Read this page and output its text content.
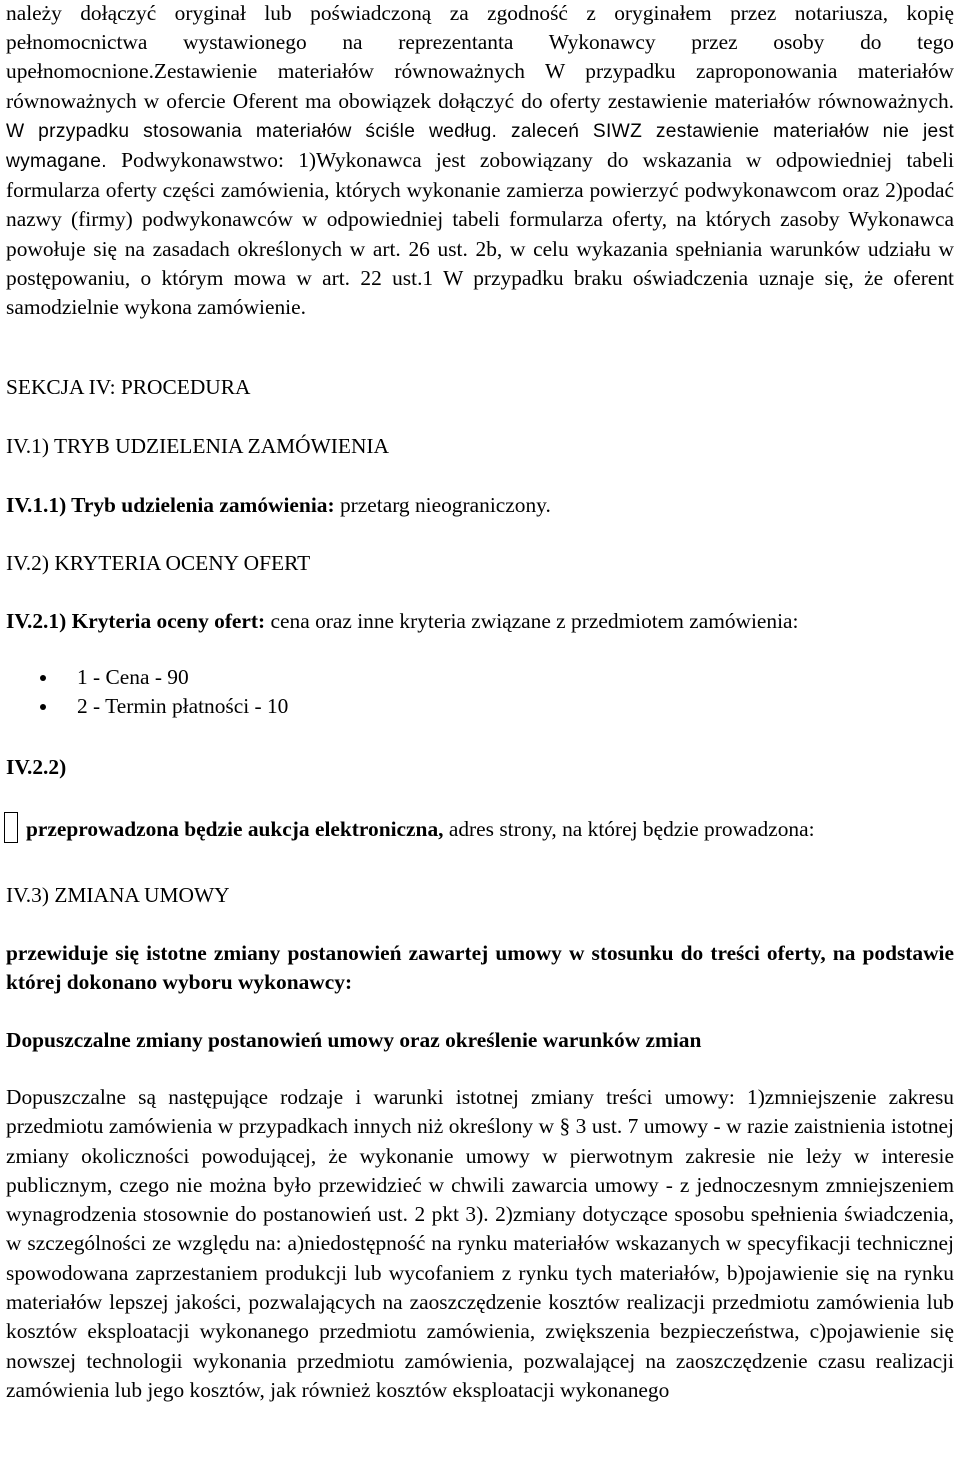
należy dołączyć oryginał lub poświadczoną za zgodność z oryginałem przez notariusza, kopię pełnomocnictwa wystawionego na reprezentanta Wykonawcy przez osoby do tego upełnomocnione.Zestawienie materiałów równoważnych W przypadku zaproponowania materiałów równoważnych w ofercie Oferent ma obowiązek dołączyć do oferty zestawienie materiałów równoważnych. W przypadku stosowania materiałów ściśle według. zaleceń SIWZ zestawienie materiałów nie jest wymagane. Podwykonawstwo: 1)Wykonawca jest zobowiązany do wskazania w odpowiedniej tabeli formularza oferty części zamówienia, których wykonanie zamierza powierzyć podwykonawcom oraz 2)podać nazwy (firmy) podwykonawców w odpowiedniej tabeli formularza oferty, na których zasoby Wykonawca powołuje się na zasadach określonych w art. 26 ust. 2b, w celu wykazania spełniania warunków udziału w postępowaniu, o którym mowa w art. 22 ust.1 W przypadku braku oświadczenia uznaje się, że oferent samodzielnie wykona zamówienie.

SEKCJA IV: PROCEDURA
IV.1) TRYB UDZIELENIA ZAMÓWIENIA
IV.1.1) Tryb udzielenia zamówienia: przetarg nieograniczony.
IV.2) KRYTERIA OCENY OFERT
IV.2.1) Kryteria oceny ofert: cena oraz inne kryteria związane z przedmiotem zamówienia:
1 - Cena - 90
2 - Termin płatności - 10
IV.2.2)
przeprowadzona będzie aukcja elektroniczna, adres strony, na której będzie prowadzona:
IV.3) ZMIANA UMOWY
przewiduje się istotne zmiany postanowień zawartej umowy w stosunku do treści oferty, na podstawie której dokonano wyboru wykonawcy:
Dopuszczalne zmiany postanowień umowy oraz określenie warunków zmian

Dopuszczalne są następujące rodzaje i warunki istotnej zmiany treści umowy: 1)zmniejszenie zakresu przedmiotu zamówienia w przypadkach innych niż określony w § 3 ust. 7 umowy - w razie zaistnienia istotnej zmiany okoliczności powodującej, że wykonanie umowy w pierwotnym zakresie nie leży w interesie publicznym, czego nie można było przewidzieć w chwili zawarcia umowy - z jednoczesnym zmniejszeniem wynagrodzenia stosownie do postanowień ust. 2 pkt 3). 2)zmiany dotyczące sposobu spełnienia świadczenia, w szczególności ze względu na: a)niedostępność na rynku materiałów wskazanych w specyfikacji technicznej spowodowana zaprzestaniem produkcji lub wycofaniem z rynku tych materiałów, b)pojawienie się na rynku materiałów lepszej jakości, pozwalających na zaoszczędzenie kosztów realizacji przedmiotu zamówienia lub kosztów eksploatacji wykonanego przedmiotu zamówienia, zwiększenia bezpieczeństwa, c)pojawienie się nowszej technologii wykonania przedmiotu zamówienia, pozwalającej na zaoszczędzenie czasu realizacji zamówienia lub jego kosztów, jak również kosztów eksploatacji wykonanego
